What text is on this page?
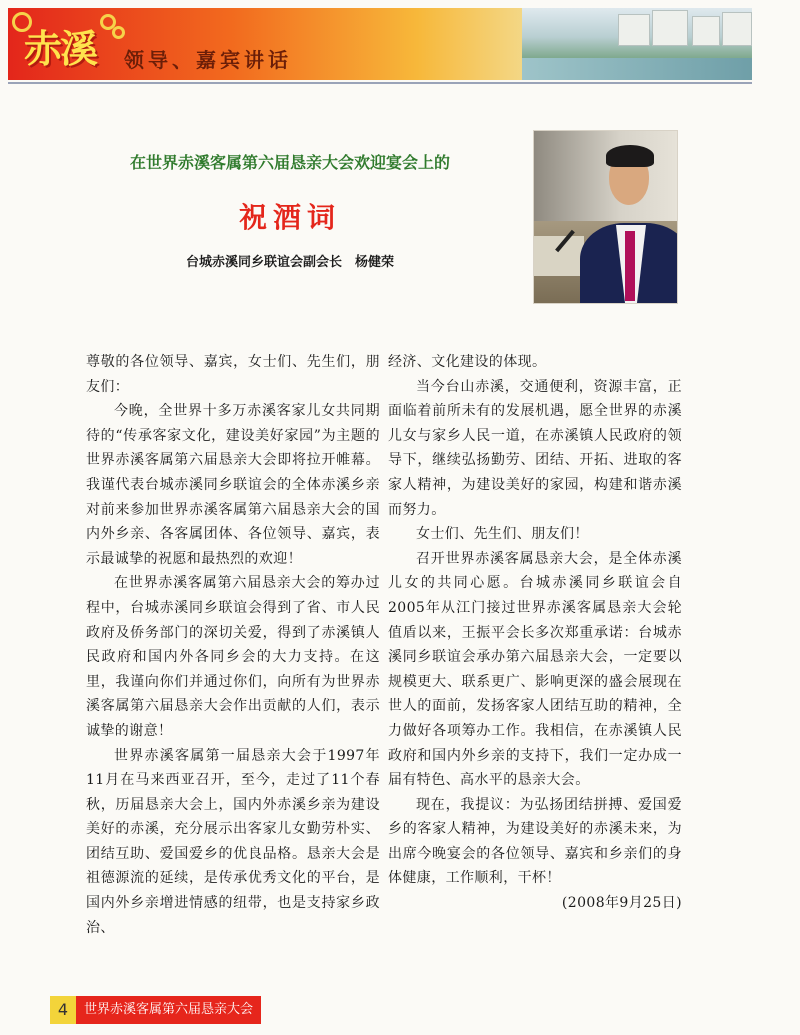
赤溪 领导、嘉宾讲话
在世界赤溪客属第六届恳亲大会欢迎宴会上的
祝酒词
台城赤溪同乡联谊会副会长　杨健荣

尊敬的各位领导、嘉宾，女士们、先生们，朋友们：

今晚，全世界十多万赤溪客家儿女共同期待的“传承客家文化，建设美好家园”为主题的世界赤溪客属第六届恳亲大会即将拉开帷幕。我谨代表台城赤溪同乡联谊会的全体赤溪乡亲对前来参加世界赤溪客属第六届恳亲大会的国内外乡亲、各客属团体、各位领导、嘉宾，表示最诚挚的祝愿和最热烈的欢迎！

在世界赤溪客属第六届恳亲大会的筹办过程中，台城赤溪同乡联谊会得到了省、市人民政府及侨务部门的深切关爱，得到了赤溪镇人民政府和国内外各同乡会的大力支持。在这里，我谨向你们并通过你们，向所有为世界赤溪客属第六届恳亲大会作出贡献的人们，表示诚挚的谢意！

世界赤溪客属第一届恳亲大会于1997年11月在马来西亚召开，至今，走过了11个春秋，历届恳亲大会上，国内外赤溪乡亲为建设美好的赤溪，充分展示出客家儿女勤劳朴实、团结互助、爱国爱乡的优良品格。恳亲大会是祖德源流的延续，是传承优秀文化的平台，是国内外乡亲增进情感的纽带，也是支持家乡政治、

经济、文化建设的体现。

当今台山赤溪，交通便利，资源丰富，正面临着前所未有的发展机遇，愿全世界的赤溪儿女与家乡人民一道，在赤溪镇人民政府的领导下，继续弘扬勤劳、团结、开拓、进取的客家人精神，为建设美好的家园，构建和谐赤溪而努力。

女士们、先生们、朋友们！

召开世界赤溪客属恳亲大会，是全体赤溪儿女的共同心愿。台城赤溪同乡联谊会自2005年从江门接过世界赤溪客属恳亲大会轮值盾以来，王振平会长多次郑重承诺：台城赤溪同乡联谊会承办第六届恳亲大会，一定要以规模更大、联系更广、影响更深的盛会展现在世人的面前，发扬客家人团结互助的精神，全力做好各项筹办工作。我相信，在赤溪镇人民政府和国内外乡亲的支持下，我们一定办成一届有特色、高水平的恳亲大会。

现在，我提议：为弘扬团结拼搏、爱国爱乡的客家人精神，为建设美好的赤溪未来，为出席今晚宴会的各位领导、嘉宾和乡亲们的身体健康，工作顺利，干杯！

(2008年9月25日)

4	世界赤溪客属第六届恳亲大会
